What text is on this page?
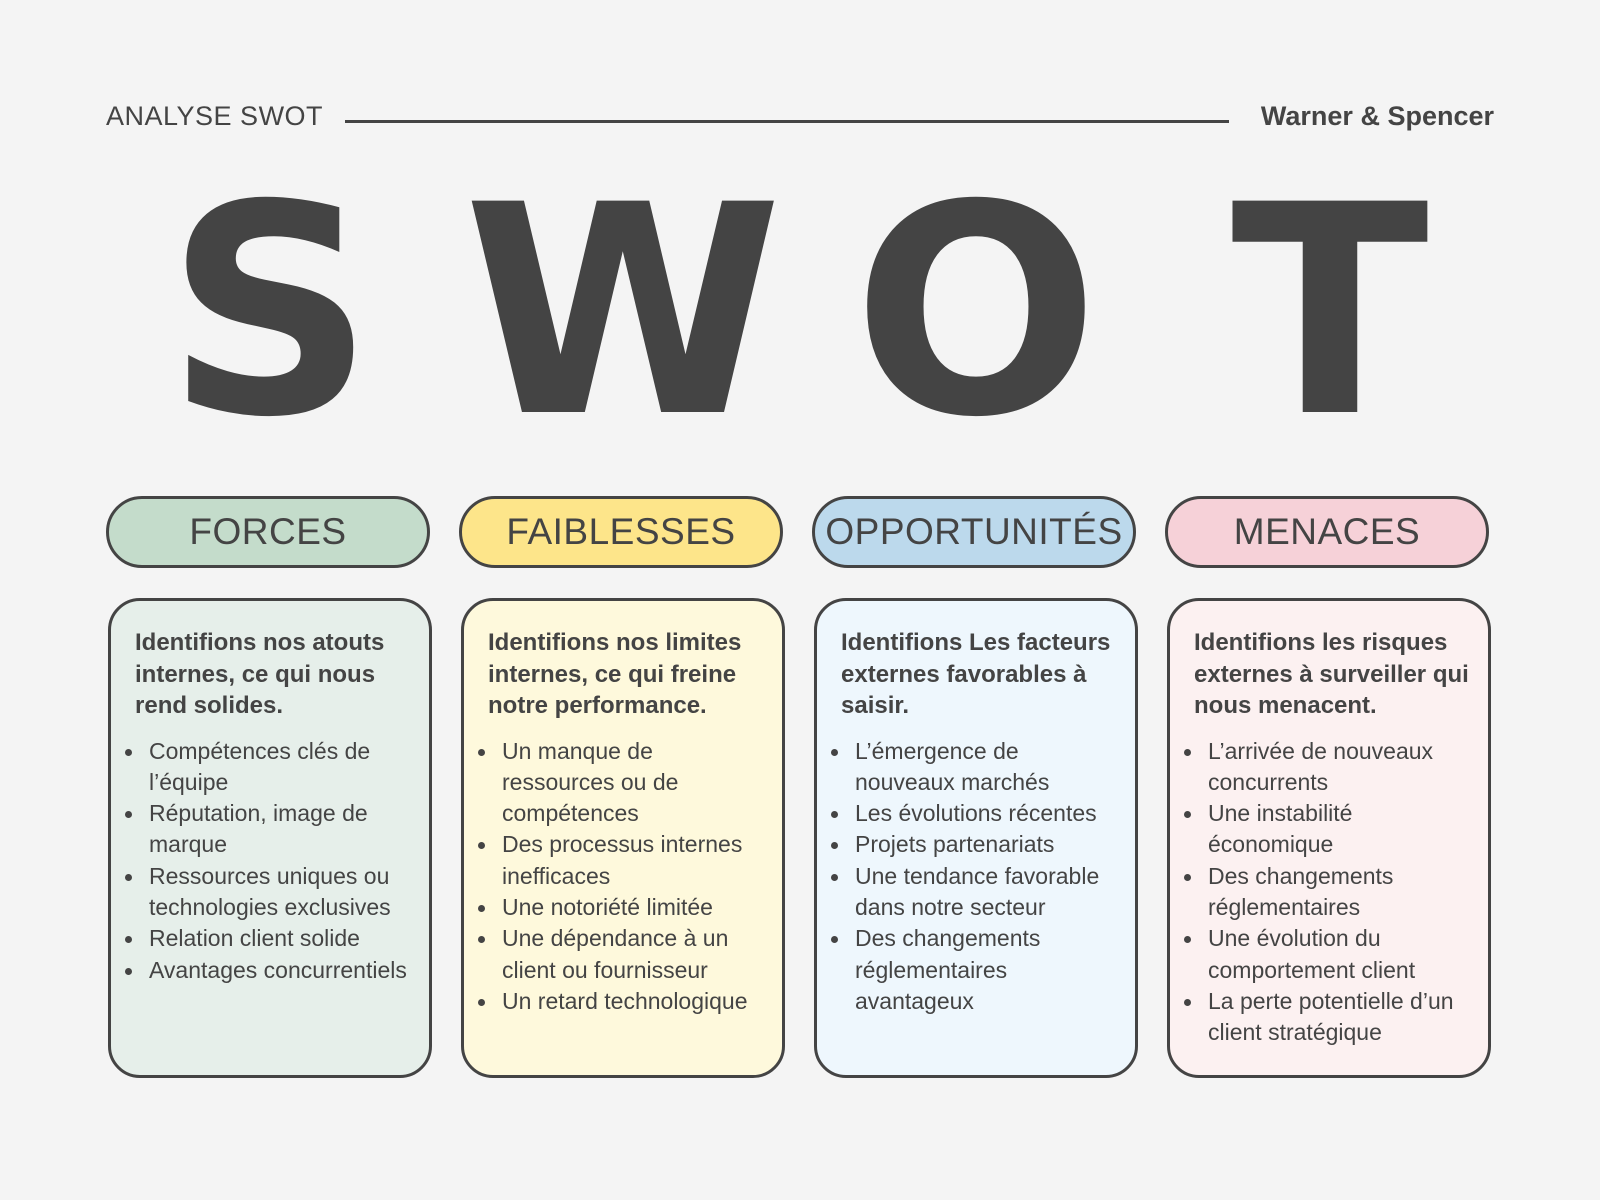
ANALYSE SWOT	Warner & Spencer
S W O T
FORCES

Identifions nos atouts internes, ce qui nous rend solides.

Compétences clés de l’équipe
Réputation, image de marque
Ressources uniques ou technologies exclusives
Relation client solide
Avantages concurrentiels
FAIBLESSES

Identifions nos limites internes, ce qui freine notre performance.

Un manque de ressources ou de compétences
Des processus internes inefficaces
Une notoriété limitée
Une dépendance à un client ou fournisseur
Un retard technologique
OPPORTUNITÉS

Identifions Les facteurs externes favorables à saisir.

L’émergence de nouveaux marchés
Les évolutions récentes
Projets partenariats
Une tendance favorable dans notre secteur
Des changements réglementaires avantageux
MENACES

Identifions les risques externes à surveiller qui nous menacent.

L’arrivée de nouveaux concurrents
Une instabilité économique
Des changements réglementaires
Une évolution du comportement client
La perte potentielle d’un client stratégique
